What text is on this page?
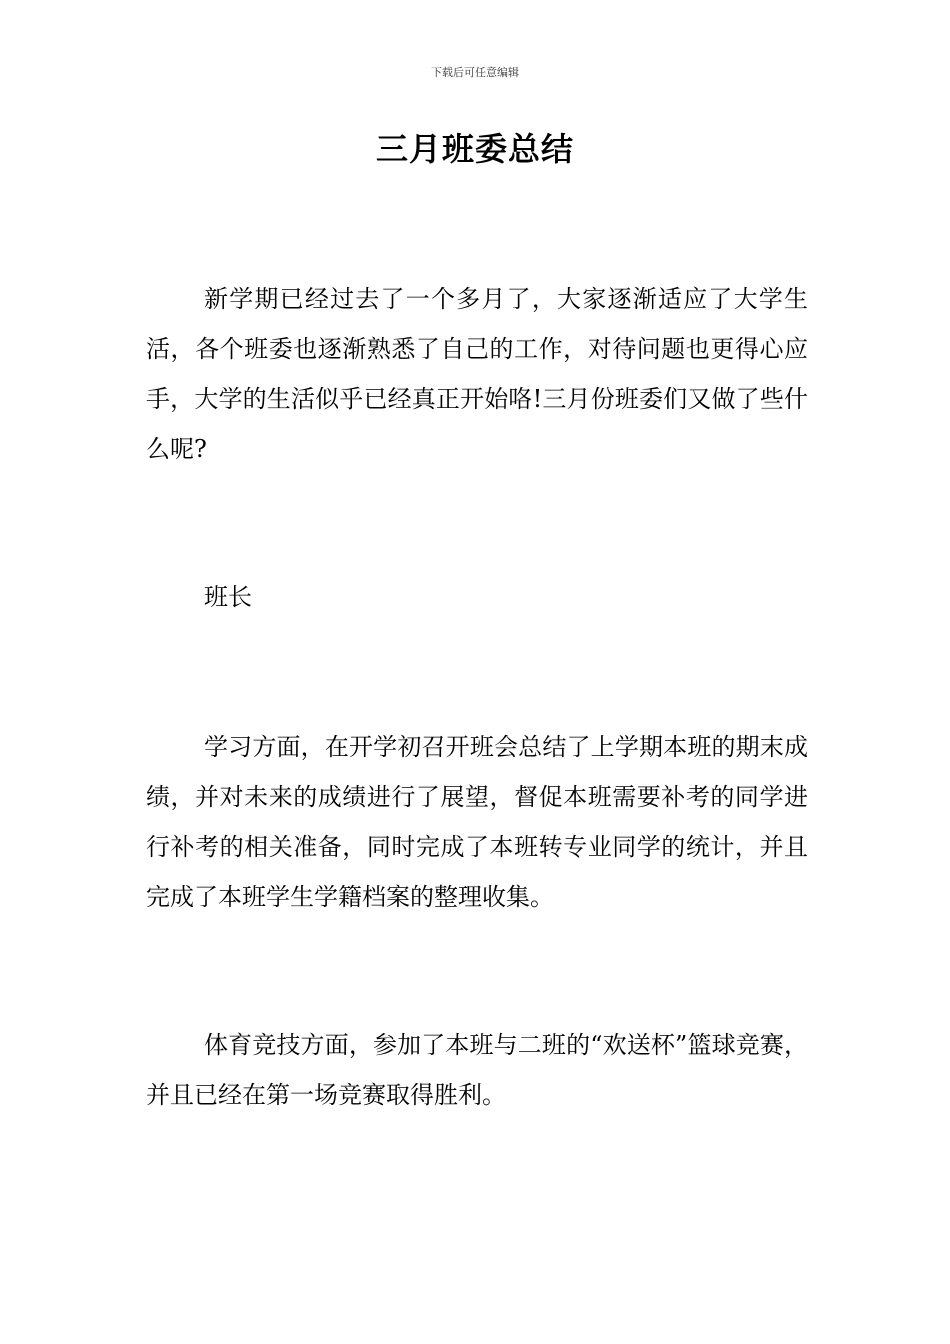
下载后可任意编辑
三月班委总结

新学期已经过去了一个多月了，大家逐渐适应了大学生活，各个班委也逐渐熟悉了自己的工作，对待问题也更得心应手，大学的生活似乎已经真正开始咯!三月份班委们又做了些什么呢?

班长

学习方面，在开学初召开班会总结了上学期本班的期末成绩，并对未来的成绩进行了展望，督促本班需要补考的同学进行补考的相关准备，同时完成了本班转专业同学的统计，并且完成了本班学生学籍档案的整理收集。

体育竞技方面，参加了本班与二班的“欢送杯”篮球竞赛，并且已经在第一场竞赛取得胜利。
